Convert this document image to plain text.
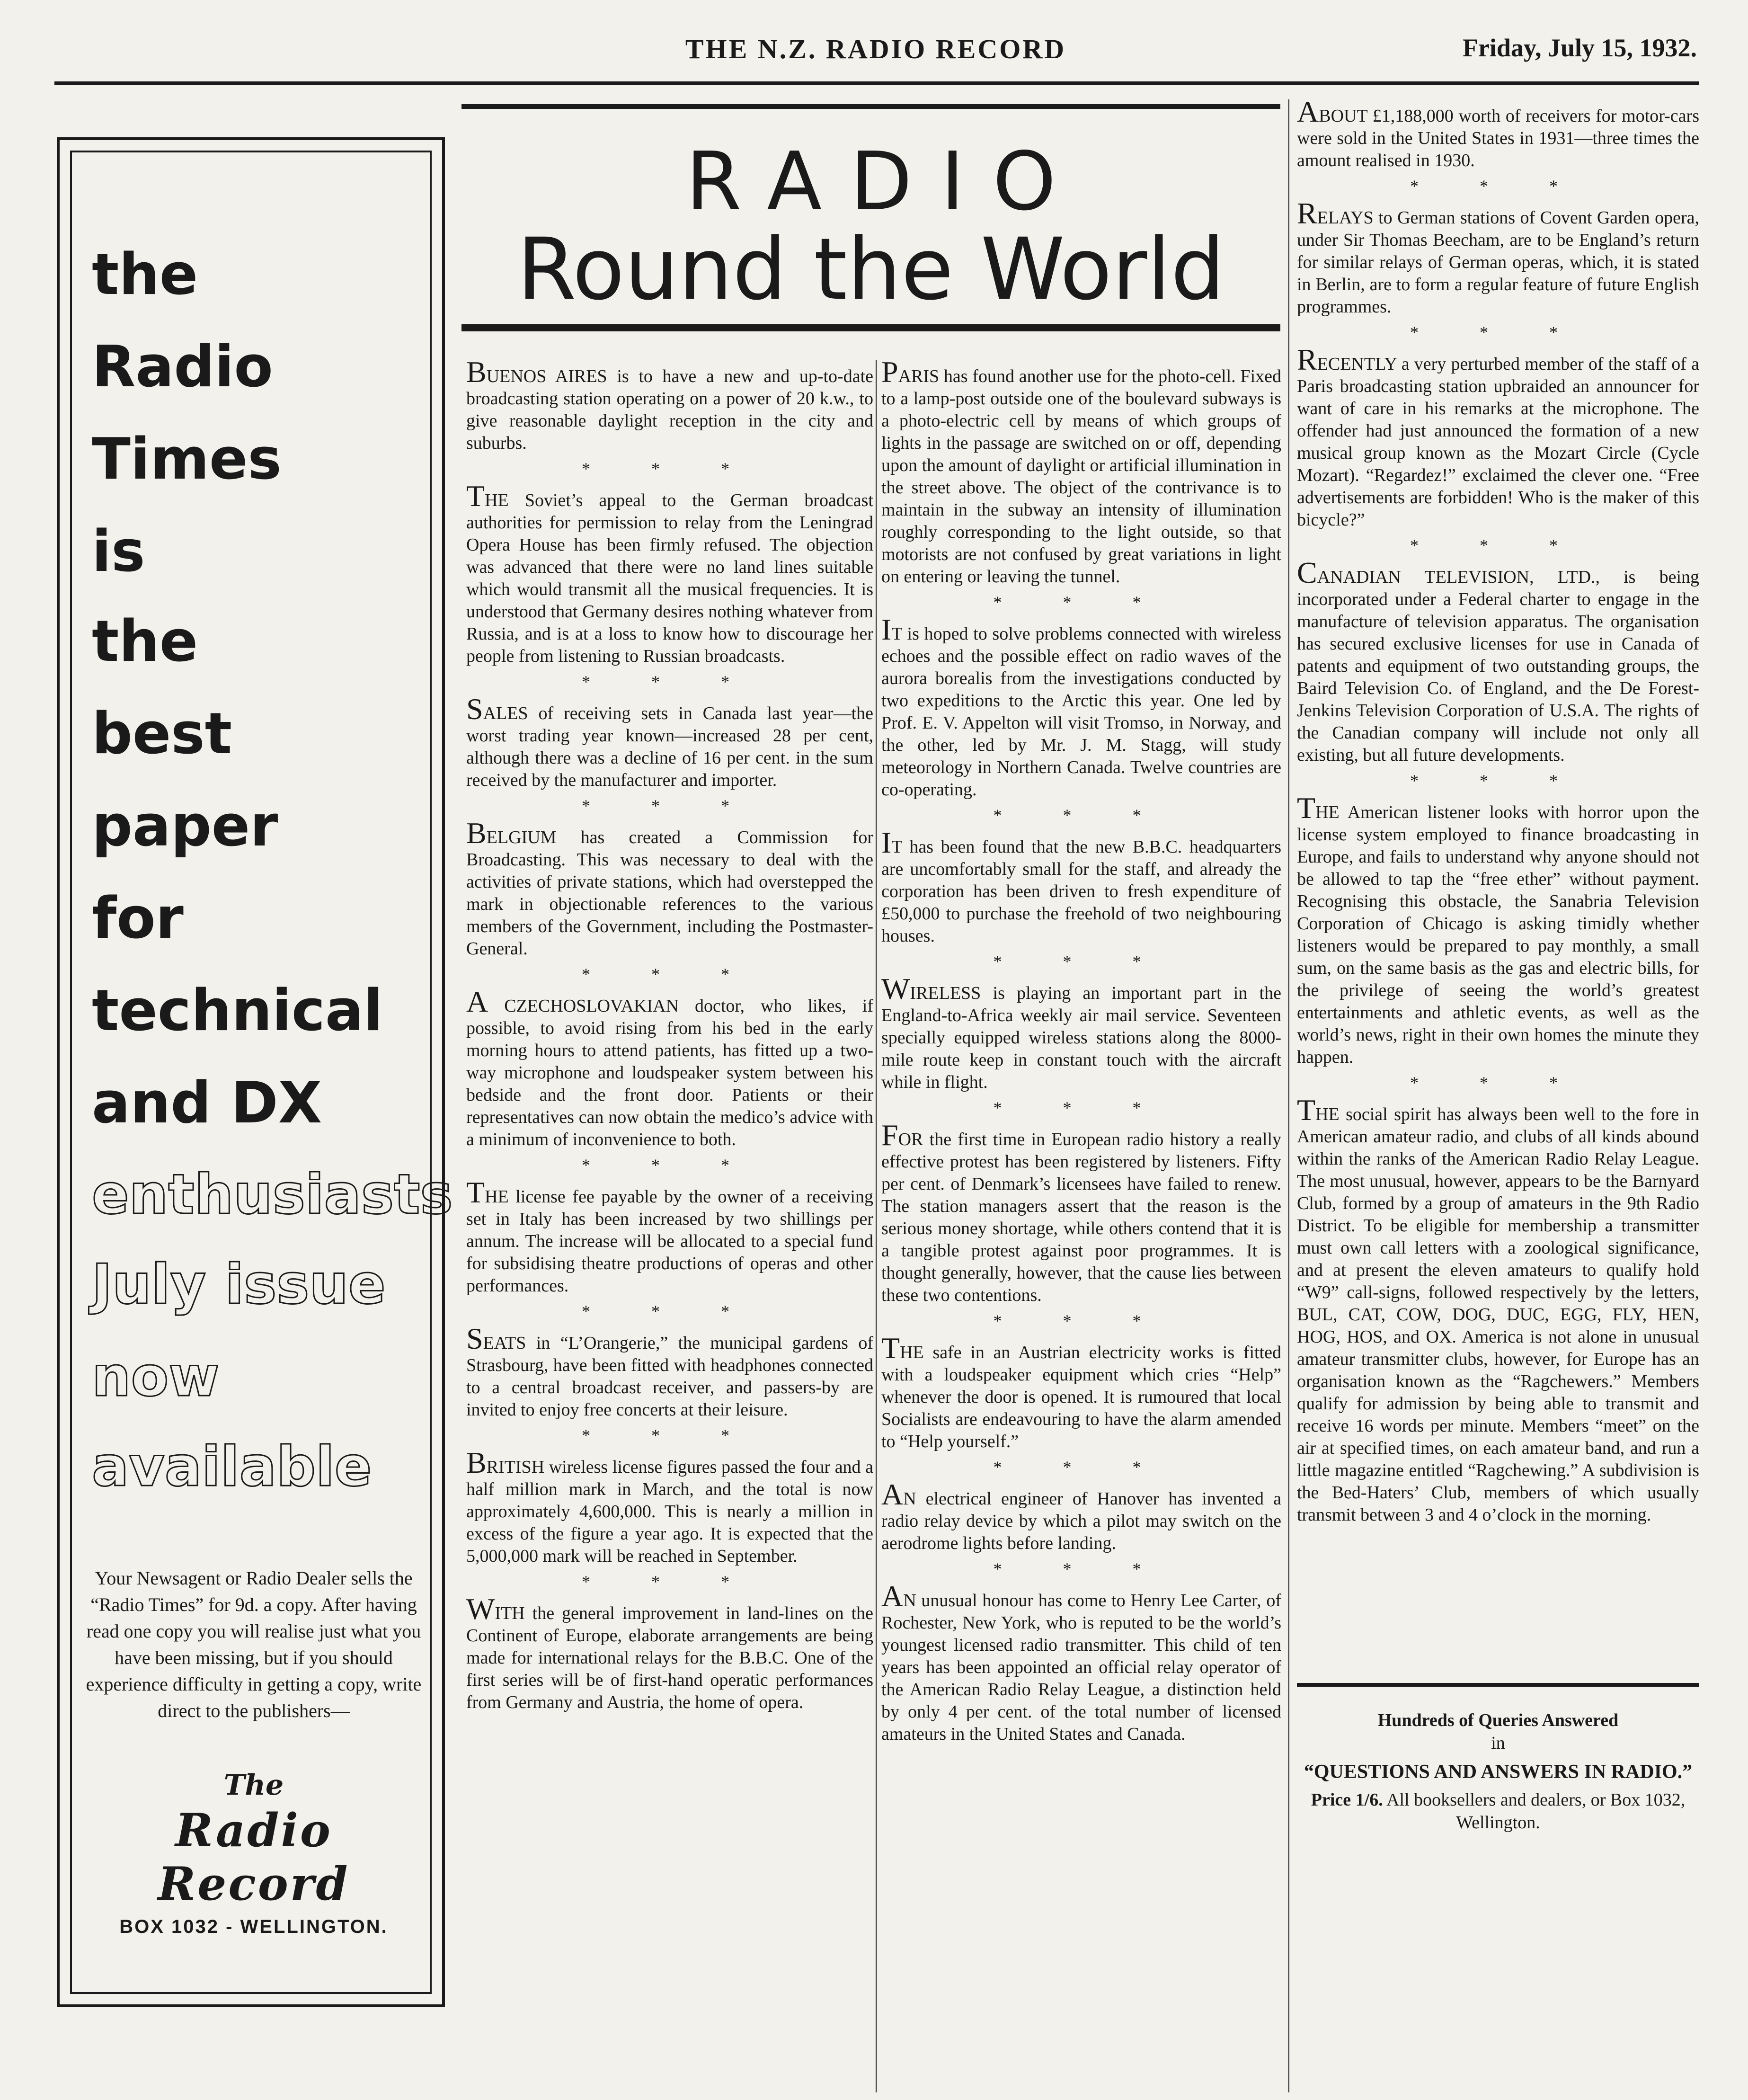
THE N.Z. RADIO RECORD	Friday, July 15, 1932.
the
Radio
Times
is
the
best
paper
for
technical
and DX
enthusiasts
July issue
now
available
Your Newsagent or Radio Dealer sells the “Radio Times” for 9d. a copy. After having read one copy you will realise just what you have been missing, but if you should experience difficulty in getting a copy, write direct to the publishers—
The
Radio Record
BOX 1032 - WELLINGTON.
RADIO
Round the World

BUENOS AIRES is to have a new and up-to-date broadcasting station operating on a power of 20 k.w., to give reasonable daylight reception in the city and suburbs.

* * *

THE Soviet’s appeal to the German broadcast authorities for permission to relay from the Leningrad Opera House has been firmly refused. The objection was advanced that there were no land lines suitable which would transmit all the musical frequencies. It is understood that Germany desires nothing whatever from Russia, and is at a loss to know how to discourage her people from listening to Russian broadcasts.

* * *

SALES of receiving sets in Canada last year—the worst trading year known—increased 28 per cent, although there was a decline of 16 per cent. in the sum received by the manufacturer and importer.

* * *

BELGIUM has created a Commission for Broadcasting. This was necessary to deal with the activities of private stations, which had overstepped the mark in objectionable references to the various members of the Government, including the Postmaster-General.

* * *

A CZECHOSLOVAKIAN doctor, who likes, if possible, to avoid rising from his bed in the early morning hours to attend patients, has fitted up a two-way microphone and loudspeaker system between his bedside and the front door. Patients or their representatives can now obtain the medico’s advice with a minimum of inconvenience to both.

* * *

THE license fee payable by the owner of a receiving set in Italy has been increased by two shillings per annum. The increase will be allocated to a special fund for subsidising theatre productions of operas and other performances.

* * *

SEATS in “L’Orangerie,” the municipal gardens of Strasbourg, have been fitted with headphones connected to a central broadcast receiver, and passers-by are invited to enjoy free concerts at their leisure.

* * *

BRITISH wireless license figures passed the four and a half million mark in March, and the total is now approximately 4,600,000. This is nearly a million in excess of the figure a year ago. It is expected that the 5,000,000 mark will be reached in September.

* * *

WITH the general improvement in land-lines on the Continent of Europe, elaborate arrangements are being made for international relays for the B.B.C. One of the first series will be of first-hand operatic performances from Germany and Austria, the home of opera.

PARIS has found another use for the photo-cell. Fixed to a lamp-post outside one of the boulevard subways is a photo-electric cell by means of which groups of lights in the passage are switched on or off, depending upon the amount of daylight or artificial illumination in the street above. The object of the contrivance is to maintain in the subway an intensity of illumination roughly corresponding to the light outside, so that motorists are not confused by great variations in light on entering or leaving the tunnel.

* * *

IT is hoped to solve problems connected with wireless echoes and the possible effect on radio waves of the aurora borealis from the investigations conducted by two expeditions to the Arctic this year. One led by Prof. E. V. Appelton will visit Tromso, in Norway, and the other, led by Mr. J. M. Stagg, will study meteorology in Northern Canada. Twelve countries are co-operating.

* * *

IT has been found that the new B.B.C. headquarters are uncomfortably small for the staff, and already the corporation has been driven to fresh expenditure of £50,000 to purchase the freehold of two neighbouring houses.

* * *

WIRELESS is playing an important part in the England-to-Africa weekly air mail service. Seventeen specially equipped wireless stations along the 8000-mile route keep in constant touch with the aircraft while in flight.

* * *

FOR the first time in European radio history a really effective protest has been registered by listeners. Fifty per cent. of Denmark’s licensees have failed to renew. The station managers assert that the reason is the serious money shortage, while others contend that it is a tangible protest against poor programmes. It is thought generally, however, that the cause lies between these two contentions.

* * *

THE safe in an Austrian electricity works is fitted with a loudspeaker equipment which cries “Help” whenever the door is opened. It is rumoured that local Socialists are endeavouring to have the alarm amended to “Help yourself.”

* * *

AN electrical engineer of Hanover has invented a radio relay device by which a pilot may switch on the aerodrome lights before landing.

* * *

AN unusual honour has come to Henry Lee Carter, of Rochester, New York, who is reputed to be the world’s youngest licensed radio transmitter. This child of ten years has been appointed an official relay operator of the American Radio Relay League, a distinction held by only 4 per cent. of the total number of licensed amateurs in the United States and Canada.

ABOUT £1,188,000 worth of receivers for motor-cars were sold in the United States in 1931—three times the amount realised in 1930.

* * *

RELAYS to German stations of Covent Garden opera, under Sir Thomas Beecham, are to be England’s return for similar relays of German operas, which, it is stated in Berlin, are to form a regular feature of future English programmes.

* * *

RECENTLY a very perturbed member of the staff of a Paris broadcasting station upbraided an announcer for want of care in his remarks at the microphone. The offender had just announced the formation of a new musical group known as the Mozart Circle (Cycle Mozart). “Regardez!” exclaimed the clever one. “Free advertisements are forbidden! Who is the maker of this bicycle?”

* * *

CANADIAN TELEVISION, LTD., is being incorporated under a Federal charter to engage in the manufacture of television apparatus. The organisation has secured exclusive licenses for use in Canada of patents and equipment of two outstanding groups, the Baird Television Co. of England, and the De Forest-Jenkins Television Corporation of U.S.A. The rights of the Canadian company will include not only all existing, but all future developments.

* * *

THE American listener looks with horror upon the license system employed to finance broadcasting in Europe, and fails to understand why anyone should not be allowed to tap the “free ether” without payment. Recognising this obstacle, the Sanabria Television Corporation of Chicago is asking timidly whether listeners would be prepared to pay monthly, a small sum, on the same basis as the gas and electric bills, for the privilege of seeing the world’s greatest entertainments and athletic events, as well as the world’s news, right in their own homes the minute they happen.

* * *

THE social spirit has always been well to the fore in American amateur radio, and clubs of all kinds abound within the ranks of the American Radio Relay League. The most unusual, however, appears to be the Barnyard Club, formed by a group of amateurs in the 9th Radio District. To be eligible for membership a transmitter must own call letters with a zoological significance, and at present the eleven amateurs to qualify hold “W9” call-signs, followed respectively by the letters, BUL, CAT, COW, DOG, DUC, EGG, FLY, HEN, HOG, HOS, and OX. America is not alone in unusual amateur transmitter clubs, however, for Europe has an organisation known as the “Ragchewers.” Members qualify for admission by being able to transmit and receive 16 words per minute. Members “meet” on the air at specified times, on each amateur band, and run a little magazine entitled “Ragchewing.” A subdivision is the Bed-Haters’ Club, members of which usually transmit between 3 and 4 o’clock in the morning.

Hundreds of Queries Answered
in
“QUESTIONS AND ANSWERS IN RADIO.”
Price 1/6. All booksellers and dealers, or Box 1032, Wellington.
